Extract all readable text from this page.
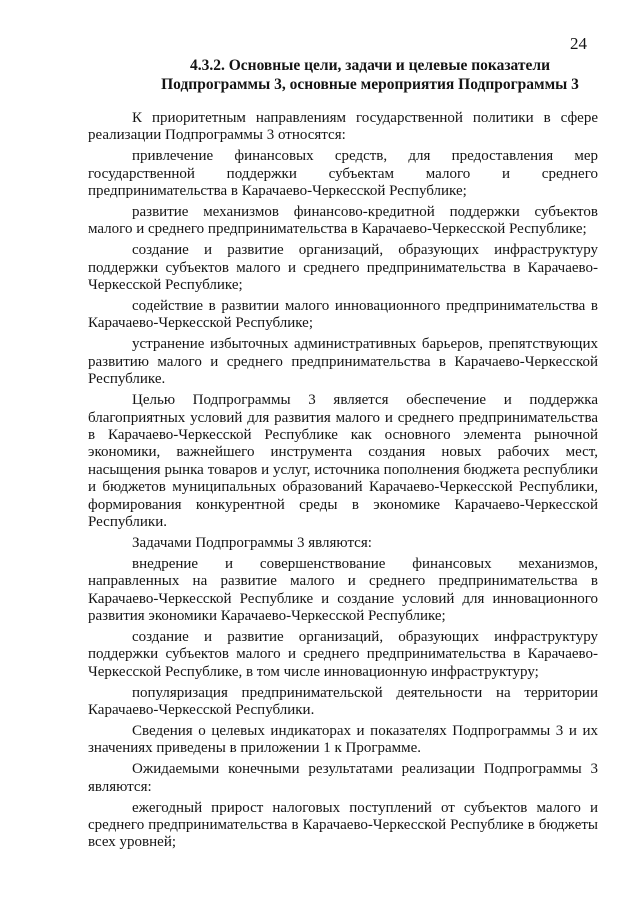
24
4.3.2. Основные цели, задачи и целевые показатели
Подпрограммы 3, основные мероприятия Подпрограммы 3

К приоритетным направлениям государственной политики в сфере реализации Подпрограммы 3 относятся:

привлечение финансовых средств, для предоставления мер государственной поддержки субъектам малого и среднего предпринимательства в Карачаево-Черкесской Республике;

развитие механизмов финансово-кредитной поддержки субъектов малого и среднего предпринимательства в Карачаево-Черкесской Республике;

создание и развитие организаций, образующих инфраструктуру поддержки субъектов малого и среднего предпринимательства в Карачаево-Черкесской Республике;

содействие в развитии малого инновационного предпринимательства в Карачаево-Черкесской Республике;

устранение избыточных административных барьеров, препятствующих развитию малого и среднего предпринимательства в Карачаево-Черкесской Республике.

Целью Подпрограммы 3 является обеспечение и поддержка благоприятных условий для развития малого и среднего предпринимательства в Карачаево-Черкесской Республике как основного элемента рыночной экономики, важнейшего инструмента создания новых рабочих мест, насыщения рынка товаров и услуг, источника пополнения бюджета республики и бюджетов муниципальных образований Карачаево-Черкесской Республики, формирования конкурентной среды в экономике Карачаево-Черкесской Республики.

Задачами Подпрограммы 3 являются:

внедрение и совершенствование финансовых механизмов, направленных на развитие малого и среднего предпринимательства в Карачаево-Черкесской Республике и создание условий для инновационного развития экономики Карачаево-Черкесской Республике;

создание и развитие организаций, образующих инфраструктуру поддержки субъектов малого и среднего предпринимательства в Карачаево-Черкесской Республике, в том числе инновационную инфраструктуру;

популяризация предпринимательской деятельности на территории Карачаево-Черкесской Республики.

Сведения о целевых индикаторах и показателях Подпрограммы 3 и их значениях приведены в приложении 1 к Программе.

Ожидаемыми конечными результатами реализации Подпрограммы 3 являются:

ежегодный прирост налоговых поступлений от субъектов малого и среднего предпринимательства в Карачаево-Черкесской Республике в бюджеты всех уровней;
